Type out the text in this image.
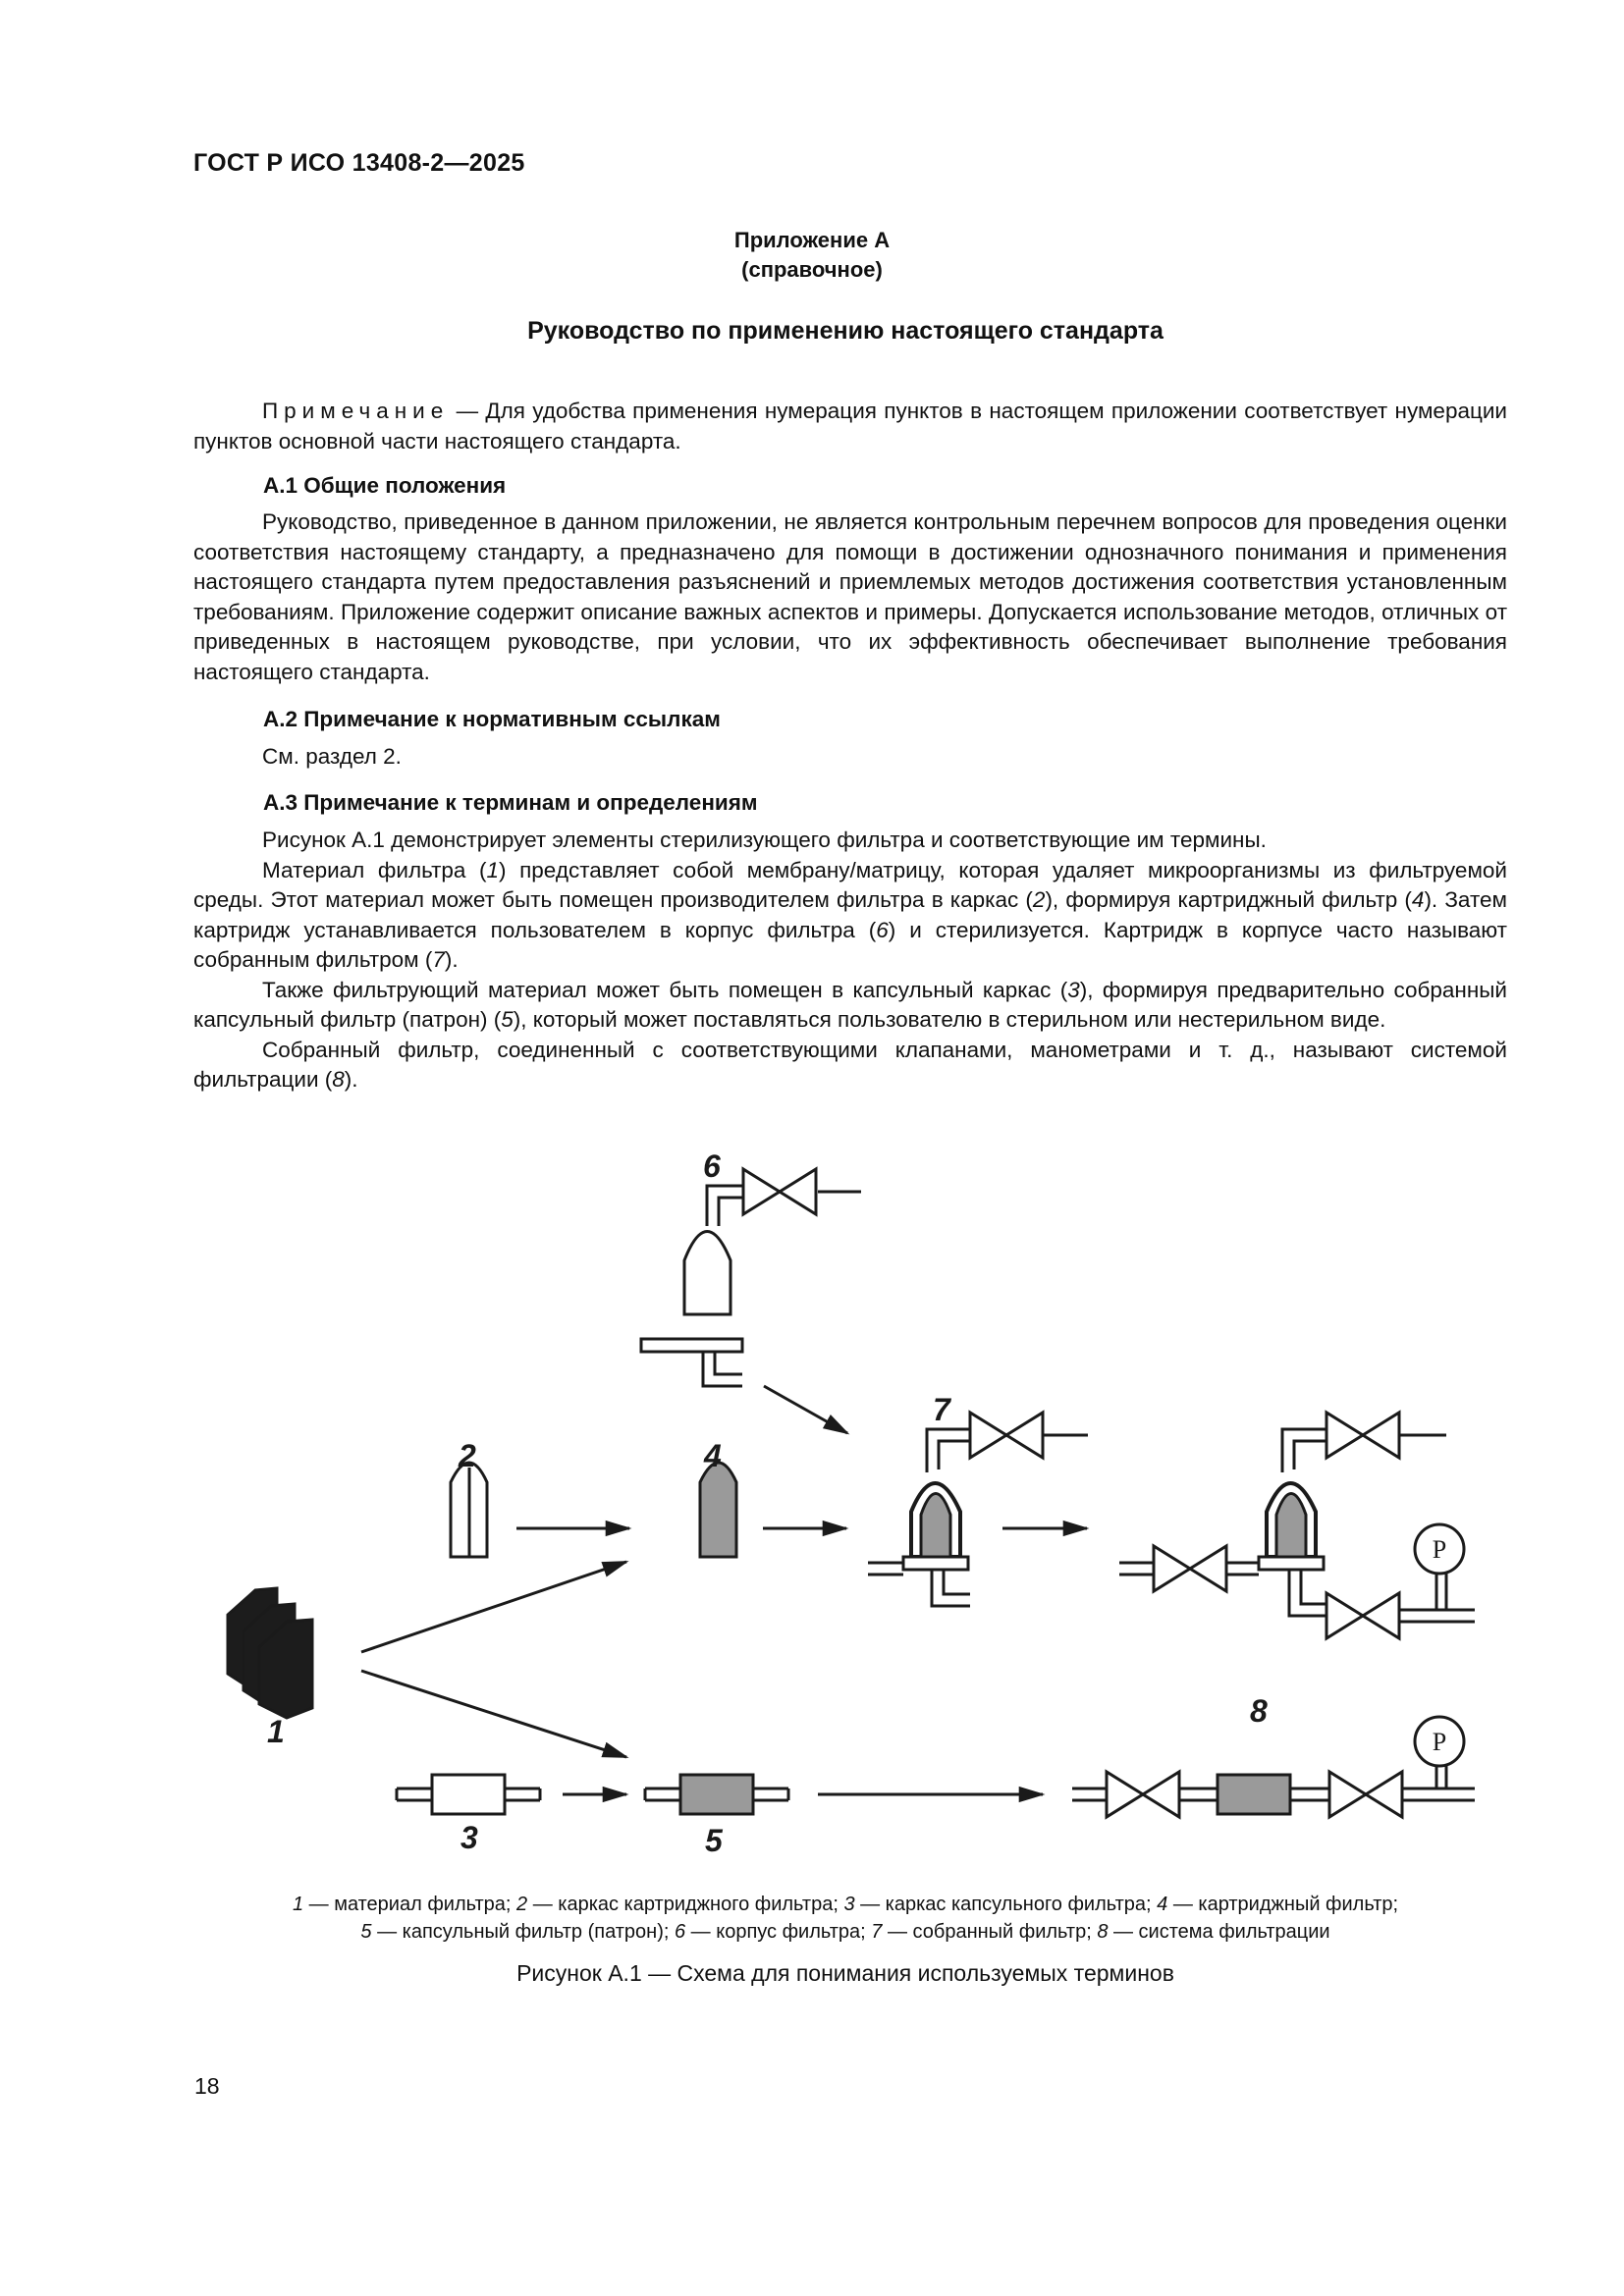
ГОСТ Р ИСО 13408-2—2025
Приложение А
(справочное)
Руководство по применению настоящего стандарта

Примечание — Для удобства применения нумерация пунктов в настоящем приложении соответствует нумерации пунктов основной части настоящего стандарта.

А.1 Общие положения

Руководство, приведенное в данном приложении, не является контрольным перечнем вопросов для проведения оценки соответствия настоящему стандарту, а предназначено для помощи в достижении однозначного понимания и применения настоящего стандарта путем предоставления разъяснений и приемлемых методов достижения соответствия установленным требованиям. Приложение содержит описание важных аспектов и примеры. Допускается использование методов, отличных от приведенных в настоящем руководстве, при условии, что их эффективность обеспечивает выполнение требования настоящего стандарта.

А.2 Примечание к нормативным ссылкам

См. раздел 2.

А.3 Примечание к терминам и определениям

Рисунок А.1 демонстрирует элементы стерилизующего фильтра и соответствующие им термины.

Материал фильтра (1) представляет собой мембрану/матрицу, которая удаляет микроорганизмы из фильтруемой среды. Этот материал может быть помещен производителем фильтра в каркас (2), формируя картриджный фильтр (4). Затем картридж устанавливается пользователем в корпус фильтра (6) и стерилизуется. Картридж в корпусе часто называют собранным фильтром (7).

Также фильтрующий материал может быть помещен в капсульный каркас (3), формируя предварительно собранный капсульный фильтр (патрон) (5), который может поставляться пользователю в стерильном или нестерильном виде.

Собранный фильтр, соединенный с соответствующими клапанами, манометрами и т. д., называют системой фильтрации (8).

P
P
1
2
3
4
5
6
7
8
1 — материал фильтра; 2 — каркас картриджного фильтра; 3 — каркас капсульного фильтра; 4 — картриджный фильтр;
5 — капсульный фильтр (патрон); 6 — корпус фильтра; 7 — собранный фильтр; 8 — система фильтрации
Рисунок А.1 — Схема для понимания используемых терминов
18
